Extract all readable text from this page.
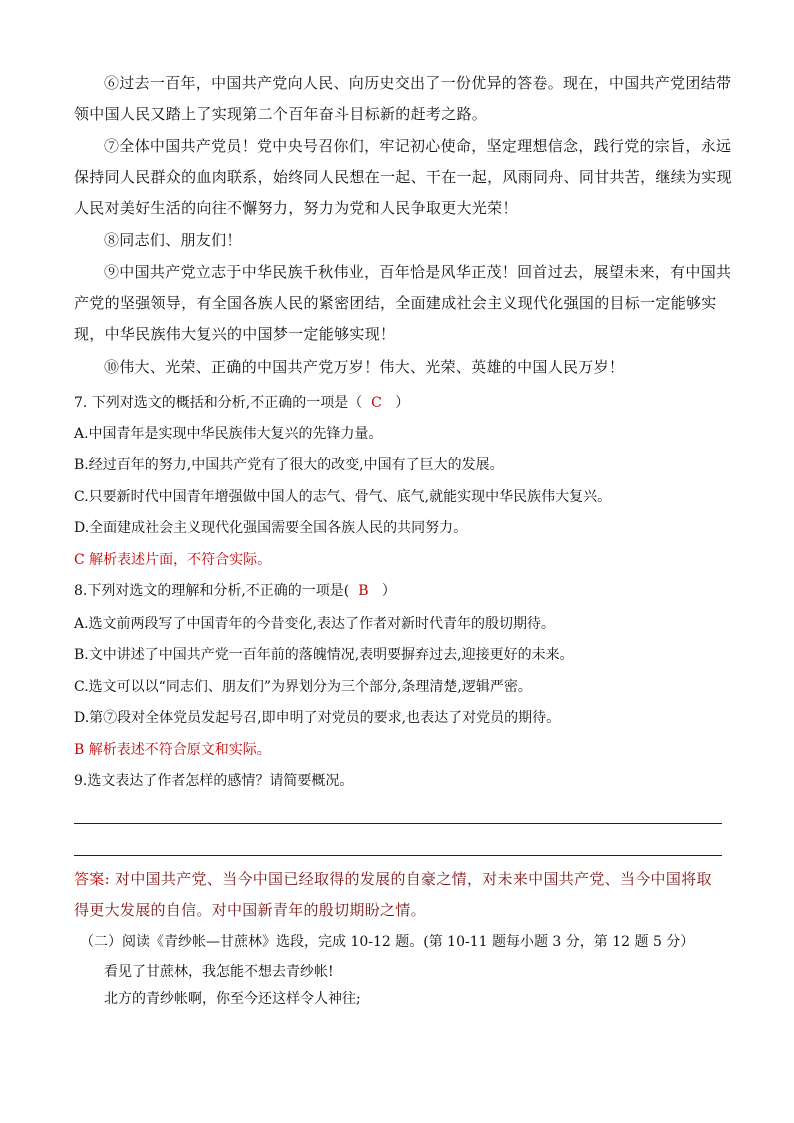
⑥过去一百年，中国共产党向人民、向历史交出了一份优异的答卷。现在，中国共产党团结带领中国人民又踏上了实现第二个百年奋斗目标新的赶考之路。

⑦全体中国共产党员！党中央号召你们，牢记初心使命，坚定理想信念，践行党的宗旨，永远保持同人民群众的血肉联系，始终同人民想在一起、干在一起，风雨同舟、同甘共苦，继续为实现人民对美好生活的向往不懈努力，努力为党和人民争取更大光荣！

⑧同志们、朋友们！

⑨中国共产党立志于中华民族千秋伟业，百年恰是风华正茂！回首过去，展望未来，有中国共产党的坚强领导，有全国各族人民的紧密团结，全面建成社会主义现代化强国的目标一定能够实现，中华民族伟大复兴的中国梦一定能够实现！

⑩伟大、光荣、正确的中国共产党万岁！伟大、光荣、英雄的中国人民万岁！

7. 下列对选文的概括和分析,不正确的一项是（ C ）

A.中国青年是实现中华民族伟大复兴的先锋力量。

B.经过百年的努力,中国共产党有了很大的改变,中国有了巨大的发展。

C.只要新时代中国青年增强做中国人的志气、骨气、底气,就能实现中华民族伟大复兴。

D.全面建成社会主义现代化强国需要全国各族人民的共同努力。

C 解析表述片面，不符合实际。

8.下列对选文的理解和分析,不正确的一项是( B ）

A.选文前两段写了中国青年的今昔变化,表达了作者对新时代青年的殷切期待。

B.文中讲述了中国共产党一百年前的落魄情况,表明要摒弃过去,迎接更好的未来。

C.选文可以以“同志们、朋友们”为界划分为三个部分,条理清楚,逻辑严密。

D.第⑦段对全体党员发起号召,即申明了对党员的要求,也表达了对党员的期待。

B 解析表述不符合原文和实际。

9.选文表达了作者怎样的感情？请简要概况。

答案: 对中国共产党、当今中国已经取得的发展的自豪之情，对未来中国共产党、当今中国将取得更大发展的自信。对中国新青年的殷切期盼之情。

（二）阅读《青纱帐—甘蔗林》选段，完成 10-12 题。(第 10-11 题每小题 3 分，第 12 题 5 分）

看见了甘蔗林，我怎能不想去青纱帐!

北方的青纱帐啊，你至今还这样令人神往;
